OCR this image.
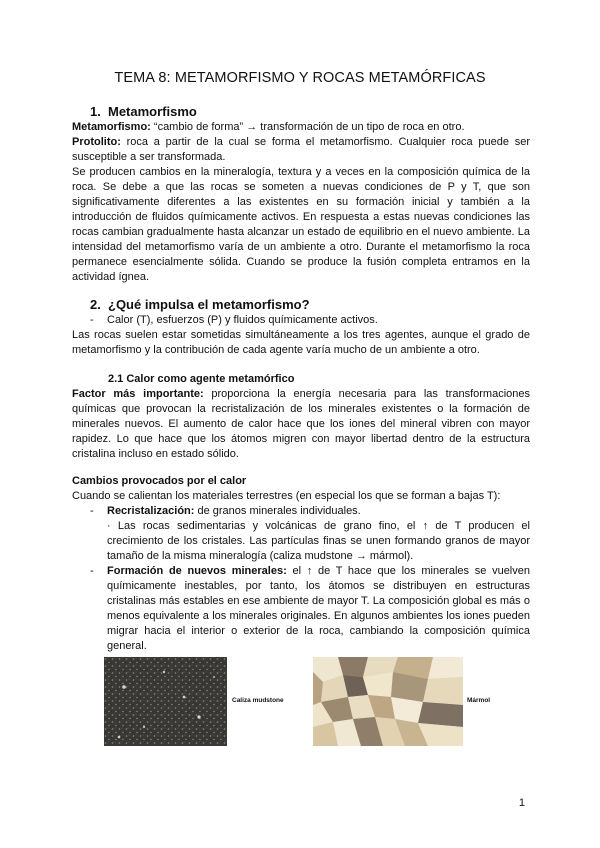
TEMA 8: METAMORFISMO Y ROCAS METAMÓRFICAS

1. Metamorfismo

Metamorfismo: “cambio de forma” → transformación de un tipo de roca en otro.

Protolito: roca a partir de la cual se forma el metamorfismo. Cualquier roca puede ser susceptible a ser transformada.

Se producen cambios en la mineralogía, textura y a veces en la composición química de la roca. Se debe a que las rocas se someten a nuevas condiciones de P y T, que son significativamente diferentes a las existentes en su formación inicial y también a la introducción de fluidos químicamente activos. En respuesta a estas nuevas condiciones las rocas cambian gradualmente hasta alcanzar un estado de equilibrio en el nuevo ambiente. La intensidad del metamorfismo varía de un ambiente a otro. Durante el metamorfismo la roca permanece esencialmente sólida. Cuando se produce la fusión completa entramos en la actividad ígnea.

2. ¿Qué impulsa el metamorfismo?

- Calor (T), esfuerzos (P) y fluidos químicamente activos.

Las rocas suelen estar sometidas simultáneamente a los tres agentes, aunque el grado de metamorfismo y la contribución de cada agente varía mucho de un ambiente a otro.

2.1 Calor como agente metamórfico

Factor más importante: proporciona la energía necesaria para las transformaciones químicas que provocan la recristalización de los minerales existentes o la formación de minerales nuevos. El aumento de calor hace que los iones del mineral vibren con mayor rapidez. Lo que hace que los átomos migren con mayor libertad dentro de la estructura cristalina incluso en estado sólido.

Cambios provocados por el calor

Cuando se calientan los materiales terrestres (en especial los que se forman a bajas T):

- Recristalización: de granos minerales individuales.

· Las rocas sedimentarias y volcánicas de grano fino, el ↑ de T producen el crecimiento de los cristales. Las partículas finas se unen formando granos de mayor tamaño de la misma mineralogía (caliza mudstone → mármol).

- Formación de nuevos minerales: el ↑ de T hace que los minerales se vuelven químicamente inestables, por tanto, los átomos se distribuyen en estructuras cristalinas más estables en ese ambiente de mayor T. La composición global es más o menos equivalente a los minerales originales. En algunos ambientes los iones pueden migrar hacia el interior o exterior de la roca, cambiando la composición química general.

Caliza mudstone	Mármol
1
